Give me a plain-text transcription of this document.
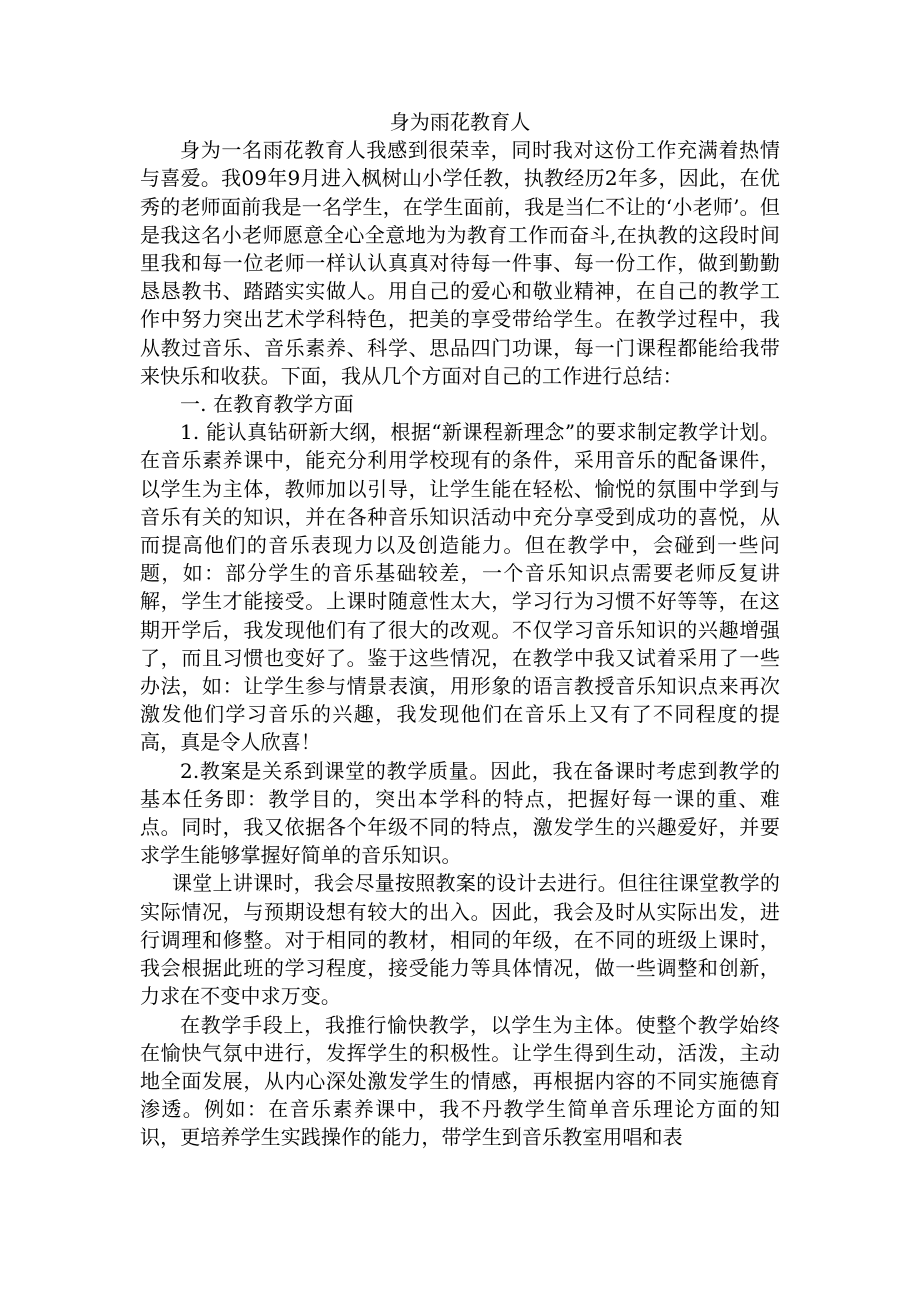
身为雨花教育人

身为一名雨花教育人我感到很荣幸，同时我对这份工作充满着热情与喜爱。我09年9月进入枫树山小学任教，执教经历2年多，因此，在优秀的老师面前我是一名学生，在学生面前，我是当仁不让的‘小老师’。但是我这名小老师愿意全心全意地为为教育工作而奋斗,在执教的这段时间里我和每一位老师一样认认真真对待每一件事、每一份工作，做到勤勤恳恳教书、踏踏实实做人。用自己的爱心和敬业精神，在自己的教学工作中努力突出艺术学科特色，把美的享受带给学生。在教学过程中，我从教过音乐、音乐素养、科学、思品四门功课，每一门课程都能给我带来快乐和收获。下面，我从几个方面对自己的工作进行总结：

一. 在教育教学方面

1. 能认真钻研新大纲，根据“新课程新理念”的要求制定教学计划。在音乐素养课中，能充分利用学校现有的条件，采用音乐的配备课件，以学生为主体，教师加以引导，让学生能在轻松、愉悦的氛围中学到与音乐有关的知识，并在各种音乐知识活动中充分享受到成功的喜悦，从而提高他们的音乐表现力以及创造能力。但在教学中，会碰到一些问题，如：部分学生的音乐基础较差，一个音乐知识点需要老师反复讲解，学生才能接受。上课时随意性太大，学习行为习惯不好等等，在这期开学后，我发现他们有了很大的改观。不仅学习音乐知识的兴趣增强了，而且习惯也变好了。鉴于这些情况，在教学中我又试着采用了一些办法，如：让学生参与情景表演，用形象的语言教授音乐知识点来再次激发他们学习音乐的兴趣，我发现他们在音乐上又有了不同程度的提高，真是令人欣喜！

2.教案是关系到课堂的教学质量。因此，我在备课时考虑到教学的基本任务即：教学目的，突出本学科的特点，把握好每一课的重、难点。同时，我又依据各个年级不同的特点，激发学生的兴趣爱好，并要求学生能够掌握好简单的音乐知识。

课堂上讲课时，我会尽量按照教案的设计去进行。但往往课堂教学的实际情况，与预期设想有较大的出入。因此，我会及时从实际出发，进行调理和修整。对于相同的教材，相同的年级，在不同的班级上课时，我会根据此班的学习程度，接受能力等具体情况，做一些调整和创新，力求在不变中求万变。

在教学手段上，我推行愉快教学，以学生为主体。使整个教学始终在愉快气氛中进行，发挥学生的积极性。让学生得到生动，活泼，主动地全面发展，从内心深处激发学生的情感，再根据内容的不同实施德育渗透。例如：在音乐素养课中，我不丹教学生简单音乐理论方面的知识，更培养学生实践操作的能力，带学生到音乐教室用唱和表
